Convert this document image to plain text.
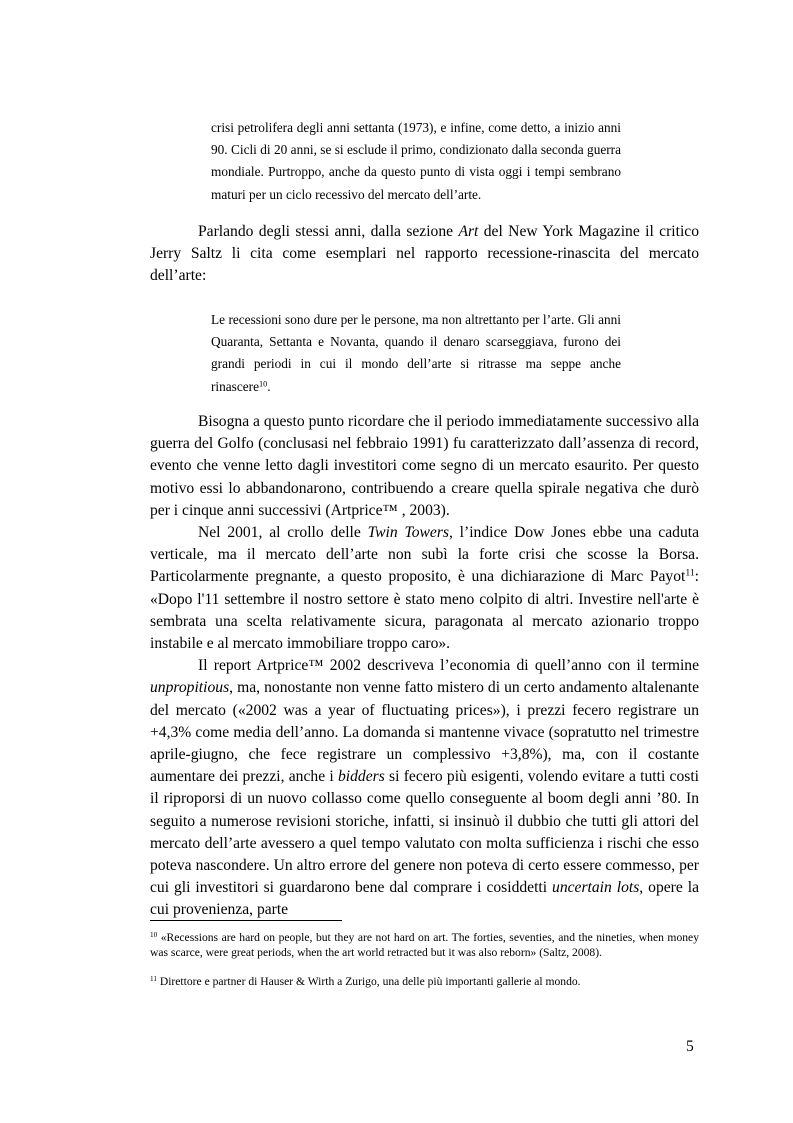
crisi petrolifera degli anni settanta (1973), e infine, come detto, a inizio anni 90. Cicli di 20 anni, se si esclude il primo, condizionato dalla seconda guerra mondiale. Purtroppo, anche da questo punto di vista oggi i tempi sembrano maturi per un ciclo recessivo del mercato dell’arte.

Parlando degli stessi anni, dalla sezione Art del New York Magazine il critico Jerry Saltz li cita come esemplari nel rapporto recessione-rinascita del mercato dell’arte:

Le recessioni sono dure per le persone, ma non altrettanto per l’arte. Gli anni Quaranta, Settanta e Novanta, quando il denaro scarseggiava, furono dei grandi periodi in cui il mondo dell’arte si ritrasse ma seppe anche rinascere$^{10}$.

Bisogna a questo punto ricordare che il periodo immediatamente successivo alla guerra del Golfo (conclusasi nel febbraio 1991) fu caratterizzato dall’assenza di record, evento che venne letto dagli investitori come segno di un mercato esaurito. Per questo motivo essi lo abbandonarono, contribuendo a creare quella spirale negativa che durò per i cinque anni successivi (Artprice™ , 2003).
Nel 2001, al crollo delle Twin Towers, l’indice Dow Jones ebbe una caduta verticale, ma il mercato dell’arte non subì la forte crisi che scosse la Borsa. Particolarmente pregnante, a questo proposito, è una dichiarazione di Marc Payot$^{11}$: «Dopo l'11 settembre il nostro settore è stato meno colpito di altri. Investire nell'arte è sembrata una scelta relativamente sicura, paragonata al mercato azionario troppo instabile e al mercato immobiliare troppo caro».
Il report Artprice™ 2002 descriveva l’economia di quell’anno con il termine unpropitious, ma, nonostante non venne fatto mistero di un certo andamento altalenante del mercato («2002 was a year of fluctuating prices»), i prezzi fecero registrare un +4,3% come media dell’anno. La domanda si mantenne vivace (sopratutto nel trimestre aprile-giugno, che fece registrare un complessivo +3,8%), ma, con il costante aumentare dei prezzi, anche i bidders si fecero più esigenti, volendo evitare a tutti costi il riproporsi di un nuovo collasso come quello conseguente al boom degli anni ’80. In seguito a numerose revisioni storiche, infatti, si insinuò il dubbio che tutti gli attori del mercato dell’arte avessero a quel tempo valutato con molta sufficienza i rischi che esso poteva nascondere. Un altro errore del genere non poteva di certo essere commesso, per cui gli investitori si guardarono bene dal comprare i cosiddetti uncertain lots, opere la cui provenienza, parte

$^{10}$ «Recessions are hard on people, but they are not hard on art. The forties, seventies, and the nineties, when money was scarce, were great periods, when the art world retracted but it was also reborn» (Saltz, 2008).

$^{11}$ Direttore e partner di Hauser & Wirth a Zurigo, una delle più importanti gallerie al mondo.

5
